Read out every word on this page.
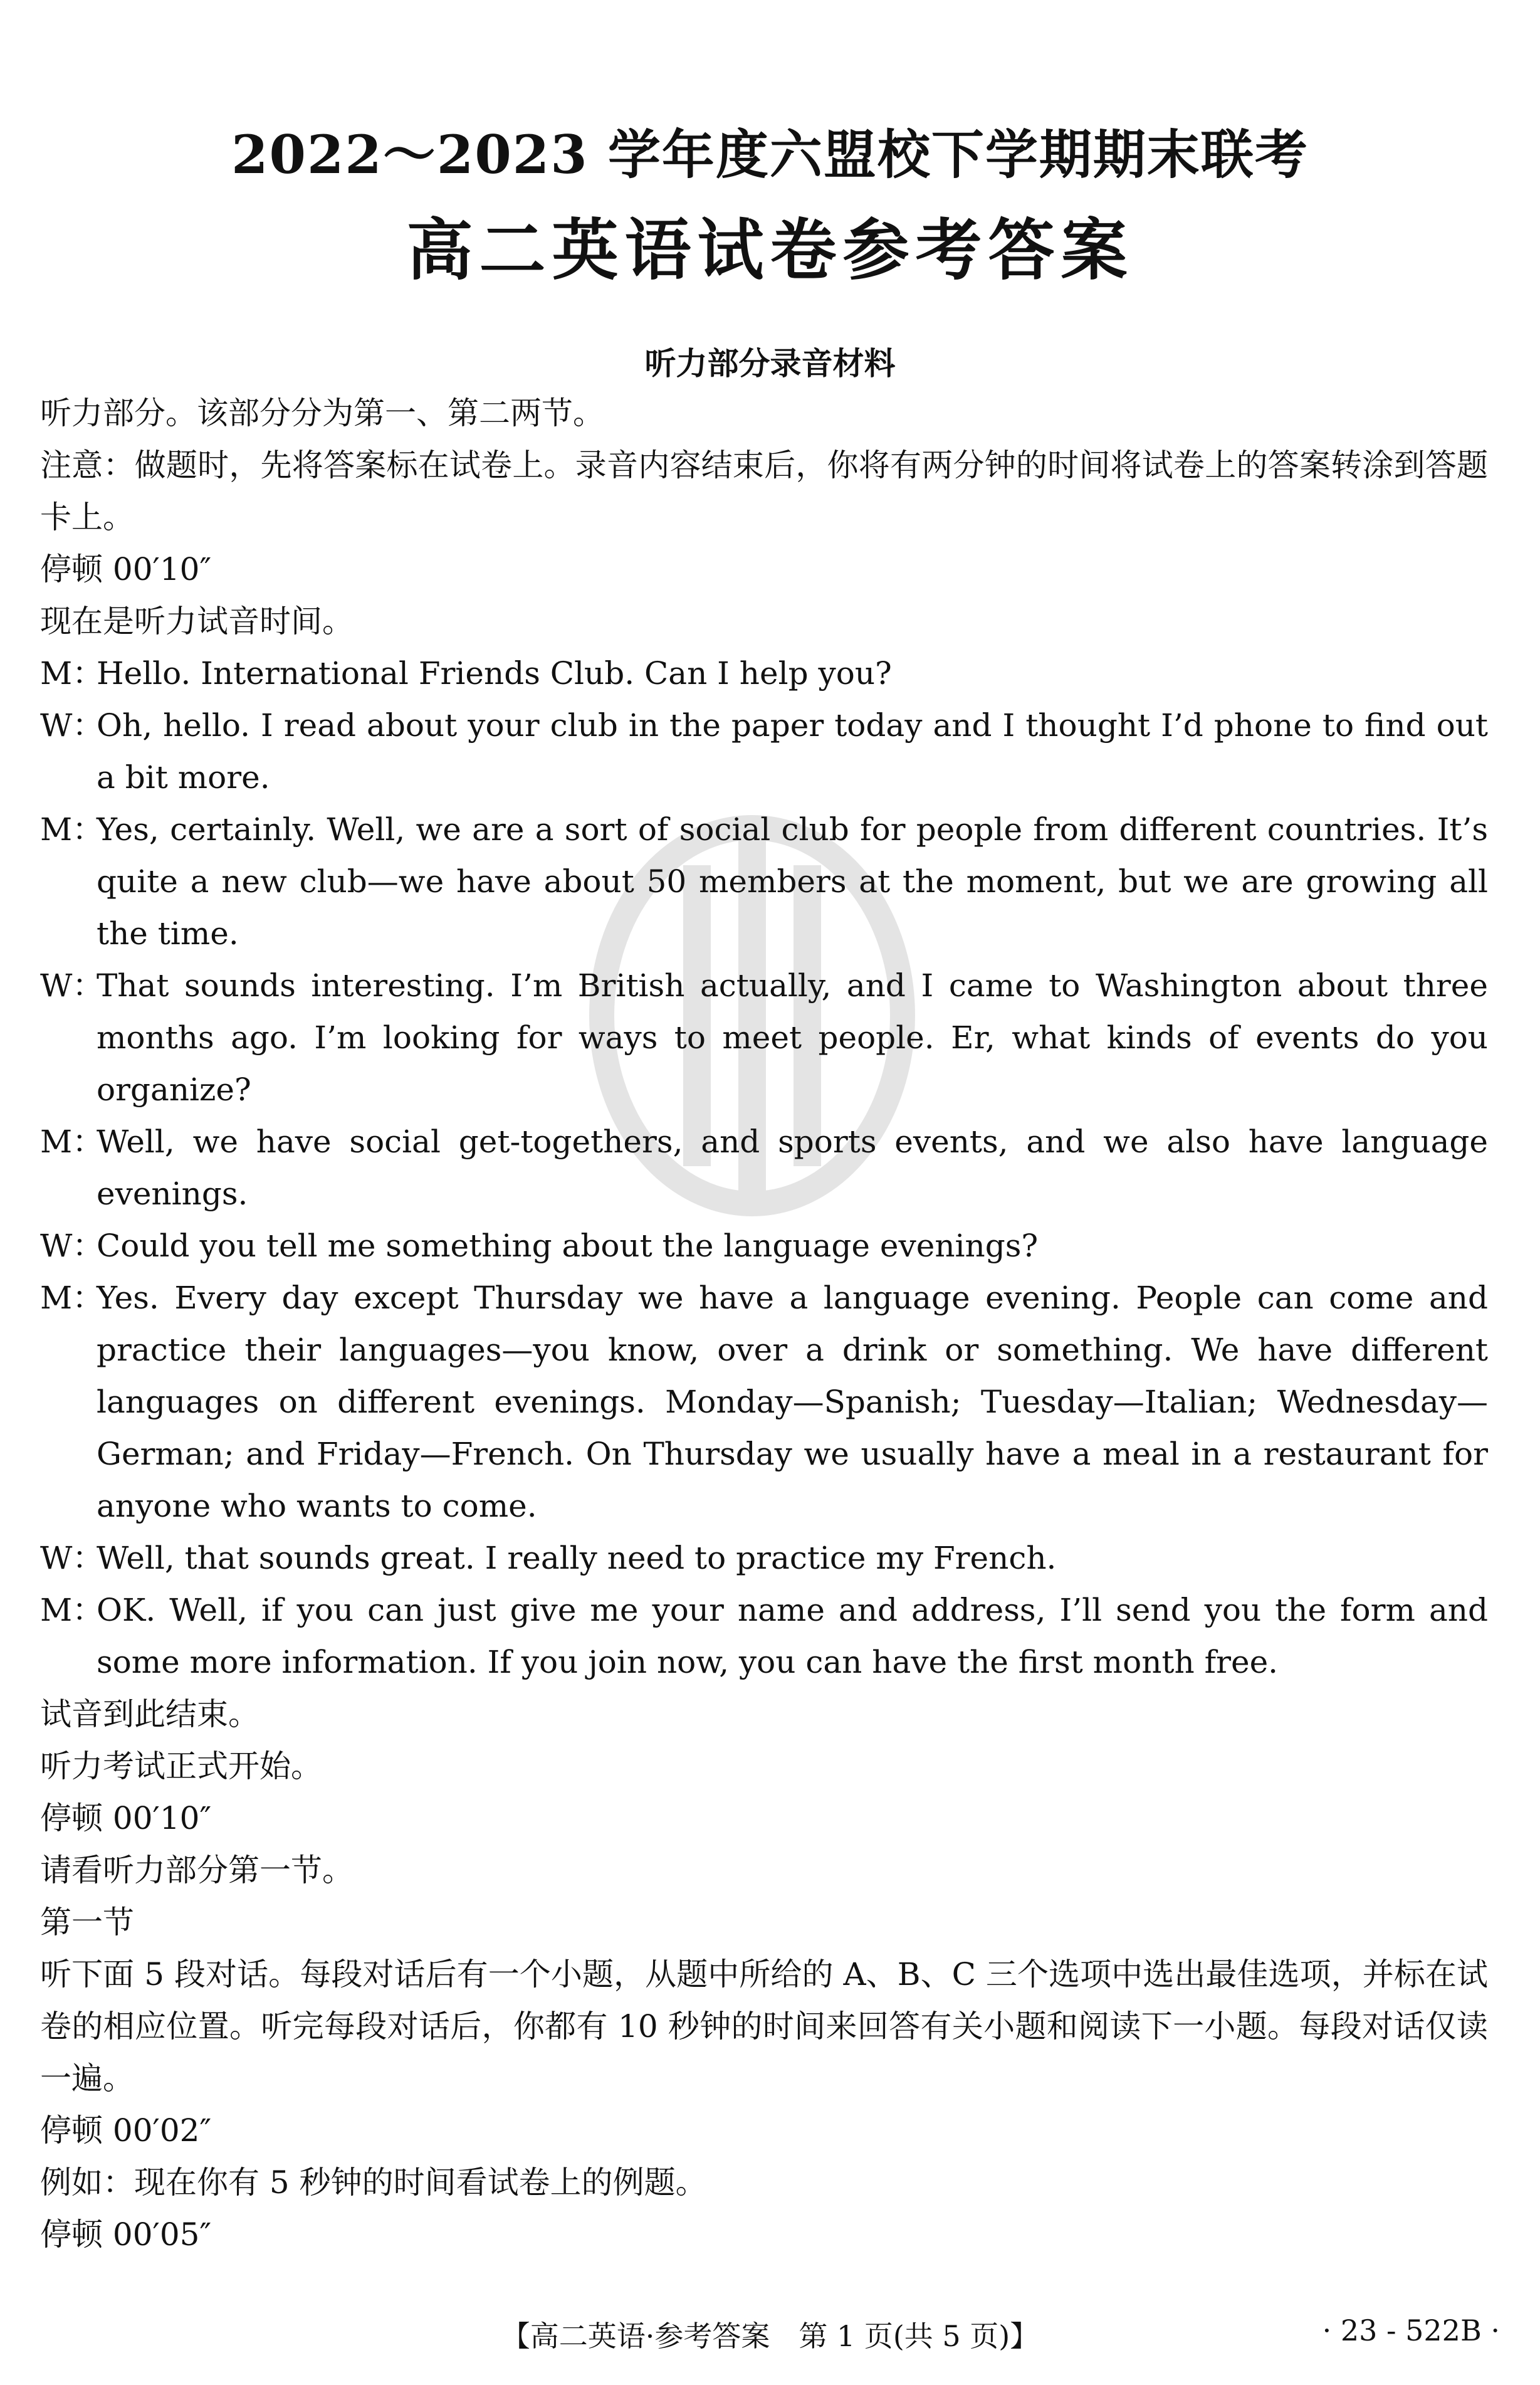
2022～2023 学年度六盟校下学期期末联考
高二英语试卷参考答案
听力部分录音材料

听力部分。该部分分为第一、第二两节。

注意：做题时，先将答案标在试卷上。录音内容结束后，你将有两分钟的时间将试卷上的答案转涂到答题卡上。

停顿 00′10″

现在是听力试音时间。

M：
Hello. International Friends Club. Can I help you?

W：
Oh, hello. I read about your club in the paper today and I thought I’d phone to find out a bit more.

M：
Yes, certainly. Well, we are a sort of social club for people from different countries. It’s quite a new club—we have about 50 members at the moment, but we are growing all the time.

W：
That sounds interesting. I’m British actually, and I came to Washington about three months ago. I’m looking for ways to meet people. Er, what kinds of events do you organize?

M：
Well, we have social get-togethers, and sports events, and we also have language evenings.

W：
Could you tell me something about the language evenings?

M：
Yes. Every day except Thursday we have a language evening. People can come and practice their languages—you know, over a drink or something. We have different languages on different evenings. Monday—Spanish; Tuesday—Italian; Wednesday—German; and Friday—French. On Thursday we usually have a meal in a restaurant for anyone who wants to come.

W：
Well, that sounds great. I really need to practice my French.

M：
OK. Well, if you can just give me your name and address, I’ll send you the form and some more information. If you join now, you can have the first month free.

试音到此结束。

听力考试正式开始。

停顿 00′10″

请看听力部分第一节。

第一节

听下面 5 段对话。每段对话后有一个小题，从题中所给的 A、B、C 三个选项中选出最佳选项，并标在试卷的相应位置。听完每段对话后，你都有 10 秒钟的时间来回答有关小题和阅读下一小题。每段对话仅读一遍。

停顿 00′02″

例如：现在你有 5 秒钟的时间看试卷上的例题。

停顿 00′05″

【高二英语·参考答案　第 1 页(共 5 页)】	· 23 - 522B ·
